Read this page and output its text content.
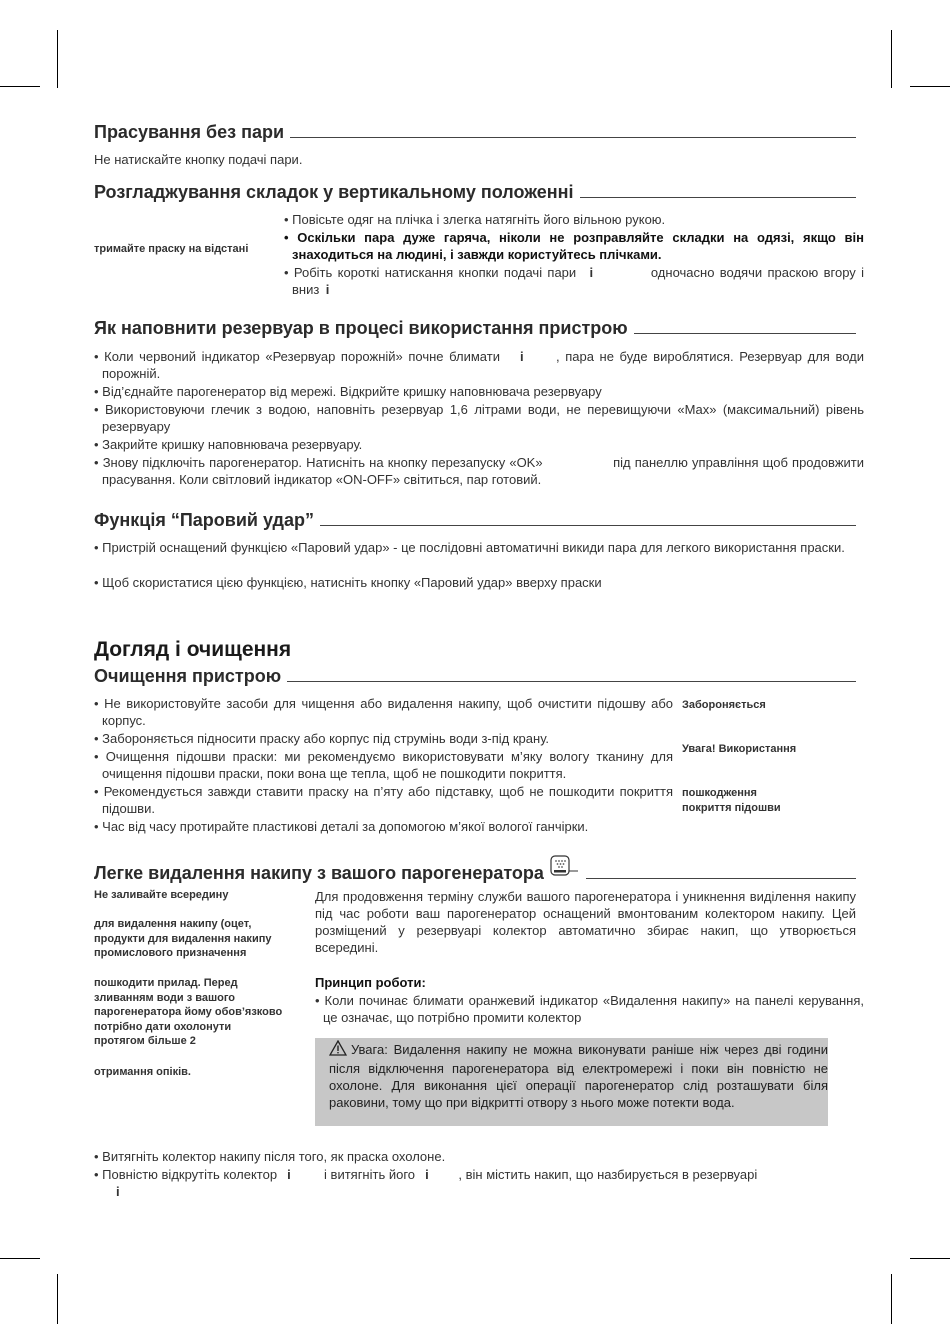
Прасування без пари
Не натискайте кнопку подачі пари.
Розгладжування складок у вертикальному положенні
тримайте праску на відстані
• Повісьте одяг на плічка і злегка натягніть його вільною рукою.
• Оскільки пара дуже гаряча, ніколи не розправляйте складки на одязі, якщо він знаходиться на людині, і завжди користуйтесь плічками.
• Робіть короткі натискання кнопки подачі пари i	одночасно водячи праскою вгору і вниз i
Як наповнити резервуар в процесі використання пристрою
• Коли червоний індикатор «Резервуар порожній» почне блимати i , пара не буде вироблятися. Резервуар для води порожній.
• Від’єднайте парогенератор від мережі. Відкрийте кришку наповнювача резервуару
• Використовуючи глечик з водою, наповніть резервуар 1,6 літрами води, не перевищуючи «Max» (максимальний) рівень резервуару
• Закрийте кришку наповнювача резервуару.
• Знову підключіть парогенератор. Натисніть на кнопку перезапуску «OK»	під панеллю управління щоб продовжити прасування. Коли світловий індикатор «ON-OFF» світиться, пар готовий.
Функція “Паровий удар”
• Пристрій оснащений функцією «Паровий удар» - це послідовні автоматичні викиди пара для легкого використання праски.
• Щоб скористатися цією функцією, натисніть кнопку «Паровий удар» вверху праски
Догляд і очищення
Очищення пристрою
• Не використовуйте засоби для чищення або видалення накипу, щоб очистити підошву або корпус.
• Забороняється підносити праску або корпус під струмінь води з-під крану.
• Очищення підошви праски: ми рекомендуємо використовувати м’яку вологу тканину для очищення підошви праски, поки вона ще тепла, щоб не пошкодити покриття.
• Рекомендується завжди ставити праску на п’яту або підставку, щоб не пошкодити покриття підошви.
• Час від часу протирайте пластикові деталі за допомогою м’якої вологої ганчірки.
Забороняється
Увага! Використання
пошкодження покриття підошви
Легке видалення накипу з вашого парогенератора
Не заливайте всередину
для видалення накипу (оцет, продукти для видалення накипу промислового призначення
пошкодити прилад. Перед зливанням води з вашого парогенератора йому обов’язково потрібно дати охолонути протягом більше 2
отримання опіків.
Для продовження терміну служби вашого парогенератора і уникнення виділення накипу під час роботи ваш парогенератор оснащений вмонтованим колектором накипу. Цей розміщений у резервуарі колектор автоматично збирає накип, що утворюється всередині.
Принцип роботи:
• Коли починає блимати оранжевий індикатор «Видалення накипу» на панелі керування, це означає, що потрібно промити колектор
Увага: Видалення накипу не можна виконувати раніше ніж через дві години після відключення парогенератора від електромережі і поки він повністю не охолоне. Для виконання цієї операції парогенератор слід розташувати біля раковини, тому що при відкритті отвору з нього може потекти вода.
• Витягніть колектор накипу після того, як праска охолоне.
• Повністю відкрутіть колектор i	і витягніть його i , він містить накип, що назбирується в резервуарі
i
